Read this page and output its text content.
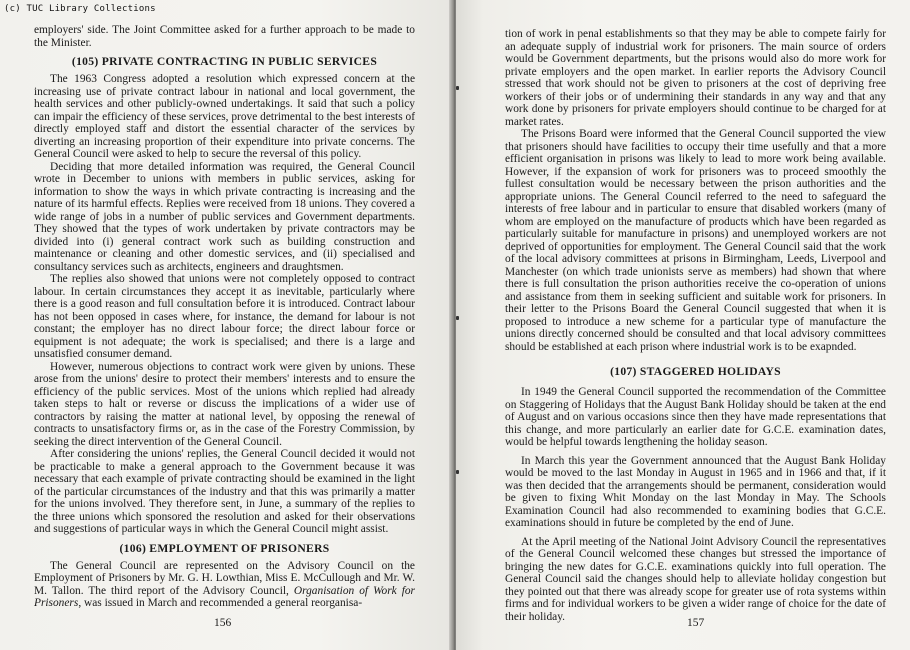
(c) TUC Library Collections

employers' side. The Joint Committee asked for a further approach to be made to the Minister.

(105) PRIVATE CONTRACTING IN PUBLIC SERVICES

The 1963 Congress adopted a resolution which expressed concern at the increasing use of private contract labour in national and local government, the health services and other publicly-owned undertakings. It said that such a policy can impair the efficiency of these services, prove detrimental to the best interests of directly employed staff and distort the essential character of the services by diverting an increasing proportion of their expenditure into private concerns. The General Council were asked to help to secure the reversal of this policy.

Deciding that more detailed information was required, the General Council wrote in December to unions with members in public services, asking for information to show the ways in which private contracting is increasing and the nature of its harmful effects. Replies were received from 18 unions. They covered a wide range of jobs in a number of public services and Government departments. They showed that the types of work undertaken by private contractors may be divided into (i) general contract work such as building construction and maintenance or cleaning and other domestic services, and (ii) specialised and consultancy services such as architects, engineers and draughtsmen.

The replies also showed that unions were not completely opposed to contract labour. In certain circumstances they accept it as inevitable, particularly where there is a good reason and full consultation before it is introduced. Contract labour has not been opposed in cases where, for instance, the demand for labour is not constant; the employer has no direct labour force; the direct labour force or equipment is not adequate; the work is specialised; and there is a large and unsatisfied consumer demand.

However, numerous objections to contract work were given by unions. These arose from the unions' desire to protect their members' interests and to ensure the efficiency of the public services. Most of the unions which replied had already taken steps to halt or reverse or discuss the implications of a wider use of contractors by raising the matter at national level, by opposing the renewal of contracts to unsatisfactory firms or, as in the case of the Forestry Commission, by seeking the direct intervention of the General Council.

After considering the unions' replies, the General Council decided it would not be practicable to make a general approach to the Government because it was necessary that each example of private contracting should be examined in the light of the particular circumstances of the industry and that this was primarily a matter for the unions involved. They therefore sent, in June, a summary of the replies to the three unions which sponsored the resolution and asked for their observations and suggestions of particular ways in which the General Council might assist.

(106) EMPLOYMENT OF PRISONERS

The General Council are represented on the Advisory Council on the Employment of Prisoners by Mr. G. H. Lowthian, Miss E. McCullough and Mr. W. M. Tallon. The third report of the Advisory Council, Organisation of Work for Prisoners, was issued in March and recommended a general reorganisa-

156

tion of work in penal establishments so that they may be able to compete fairly for an adequate supply of industrial work for prisoners. The main source of orders would be Government departments, but the prisons would also do more work for private employers and the open market. In earlier reports the Advisory Council stressed that work should not be given to prisoners at the cost of depriving free workers of their jobs or of undermining their standards in any way and that any work done by prisoners for private employers should continue to be charged for at market rates.

The Prisons Board were informed that the General Council supported the view that prisoners should have facilities to occupy their time usefully and that a more efficient organisation in prisons was likely to lead to more work being available. However, if the expansion of work for prisoners was to proceed smoothly the fullest consultation would be necessary between the prison authorities and the appropriate unions. The General Council referred to the need to safeguard the interests of free labour and in particular to ensure that disabled workers (many of whom are employed on the manufacture of products which have been regarded as particularly suitable for manufacture in prisons) and unemployed workers are not deprived of opportunities for employment. The General Council said that the work of the local advisory committees at prisons in Birmingham, Leeds, Liverpool and Manchester (on which trade unionists serve as members) had shown that where there is full consultation the prison authorities receive the co-operation of unions and assistance from them in seeking sufficient and suitable work for prisoners. In their letter to the Prisons Board the General Council suggested that when it is proposed to introduce a new scheme for a particular type of manufacture the unions directly concerned should be consulted and that local advisory committees should be established at each prison where industrial work is to be exapnded.

(107) STAGGERED HOLIDAYS

In 1949 the General Council supported the recommendation of the Committee on Staggering of Holidays that the August Bank Holiday should be taken at the end of August and on various occasions since then they have made representations that this change, and more particularly an earlier date for G.C.E. examination dates, would be helpful towards lengthening the holiday season.

In March this year the Government announced that the August Bank Holiday would be moved to the last Monday in August in 1965 and in 1966 and that, if it was then decided that the arrangements should be permanent, consideration would be given to fixing Whit Monday on the last Monday in May. The Schools Examination Council had also recommended to examining bodies that G.C.E. examinations should in future be completed by the end of June.

At the April meeting of the National Joint Advisory Council the representatives of the General Council welcomed these changes but stressed the importance of bringing the new dates for G.C.E. examinations quickly into full operation. The General Council said the changes should help to alleviate holiday congestion but they pointed out that there was already scope for greater use of rota systems within firms and for individual workers to be given a wider range of choice for the date of their holiday.

157
